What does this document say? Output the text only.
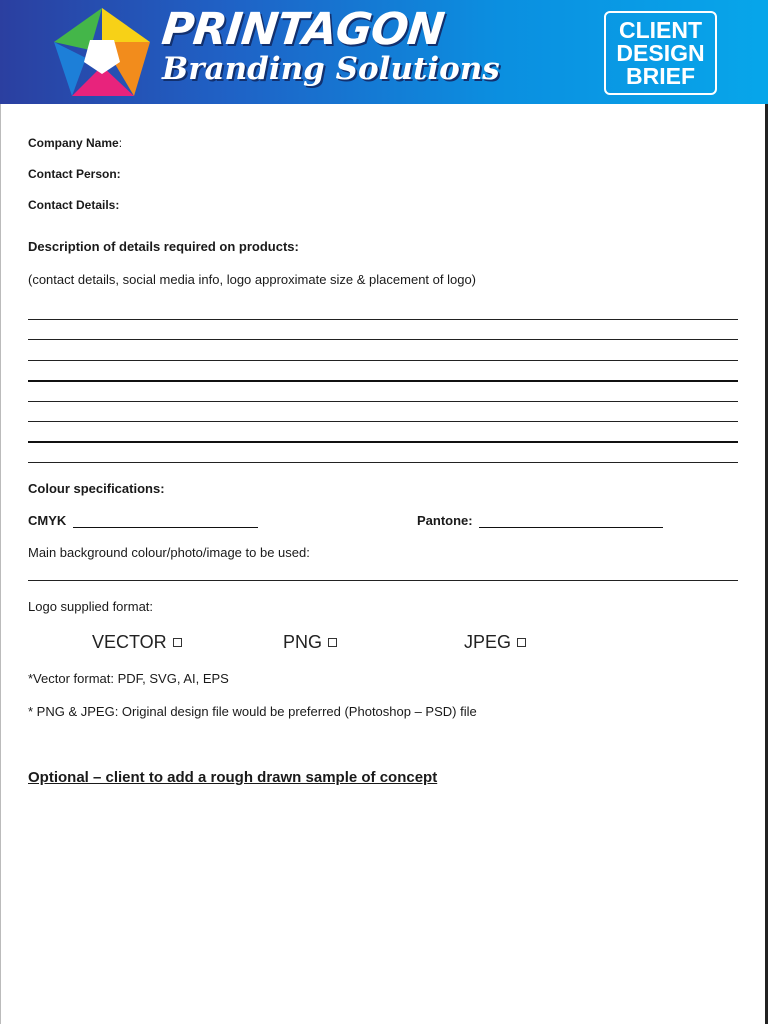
PRINTAGON
Branding Solutions
CLIENT
DESIGN
BRIEF
Company Name:
Contact Person:
Contact Details:
Description of details required on products:
(contact details, social media info, logo approximate size & placement of logo)
Colour specifications:
CMYK	Pantone:
Main background colour/photo/image to be used:
Logo supplied format:
VECTOR	PNG	JPEG
*Vector format: PDF, SVG, AI, EPS
* PNG & JPEG: Original design file would be preferred (Photoshop – PSD) file
Optional – client to add a rough drawn sample of concept
